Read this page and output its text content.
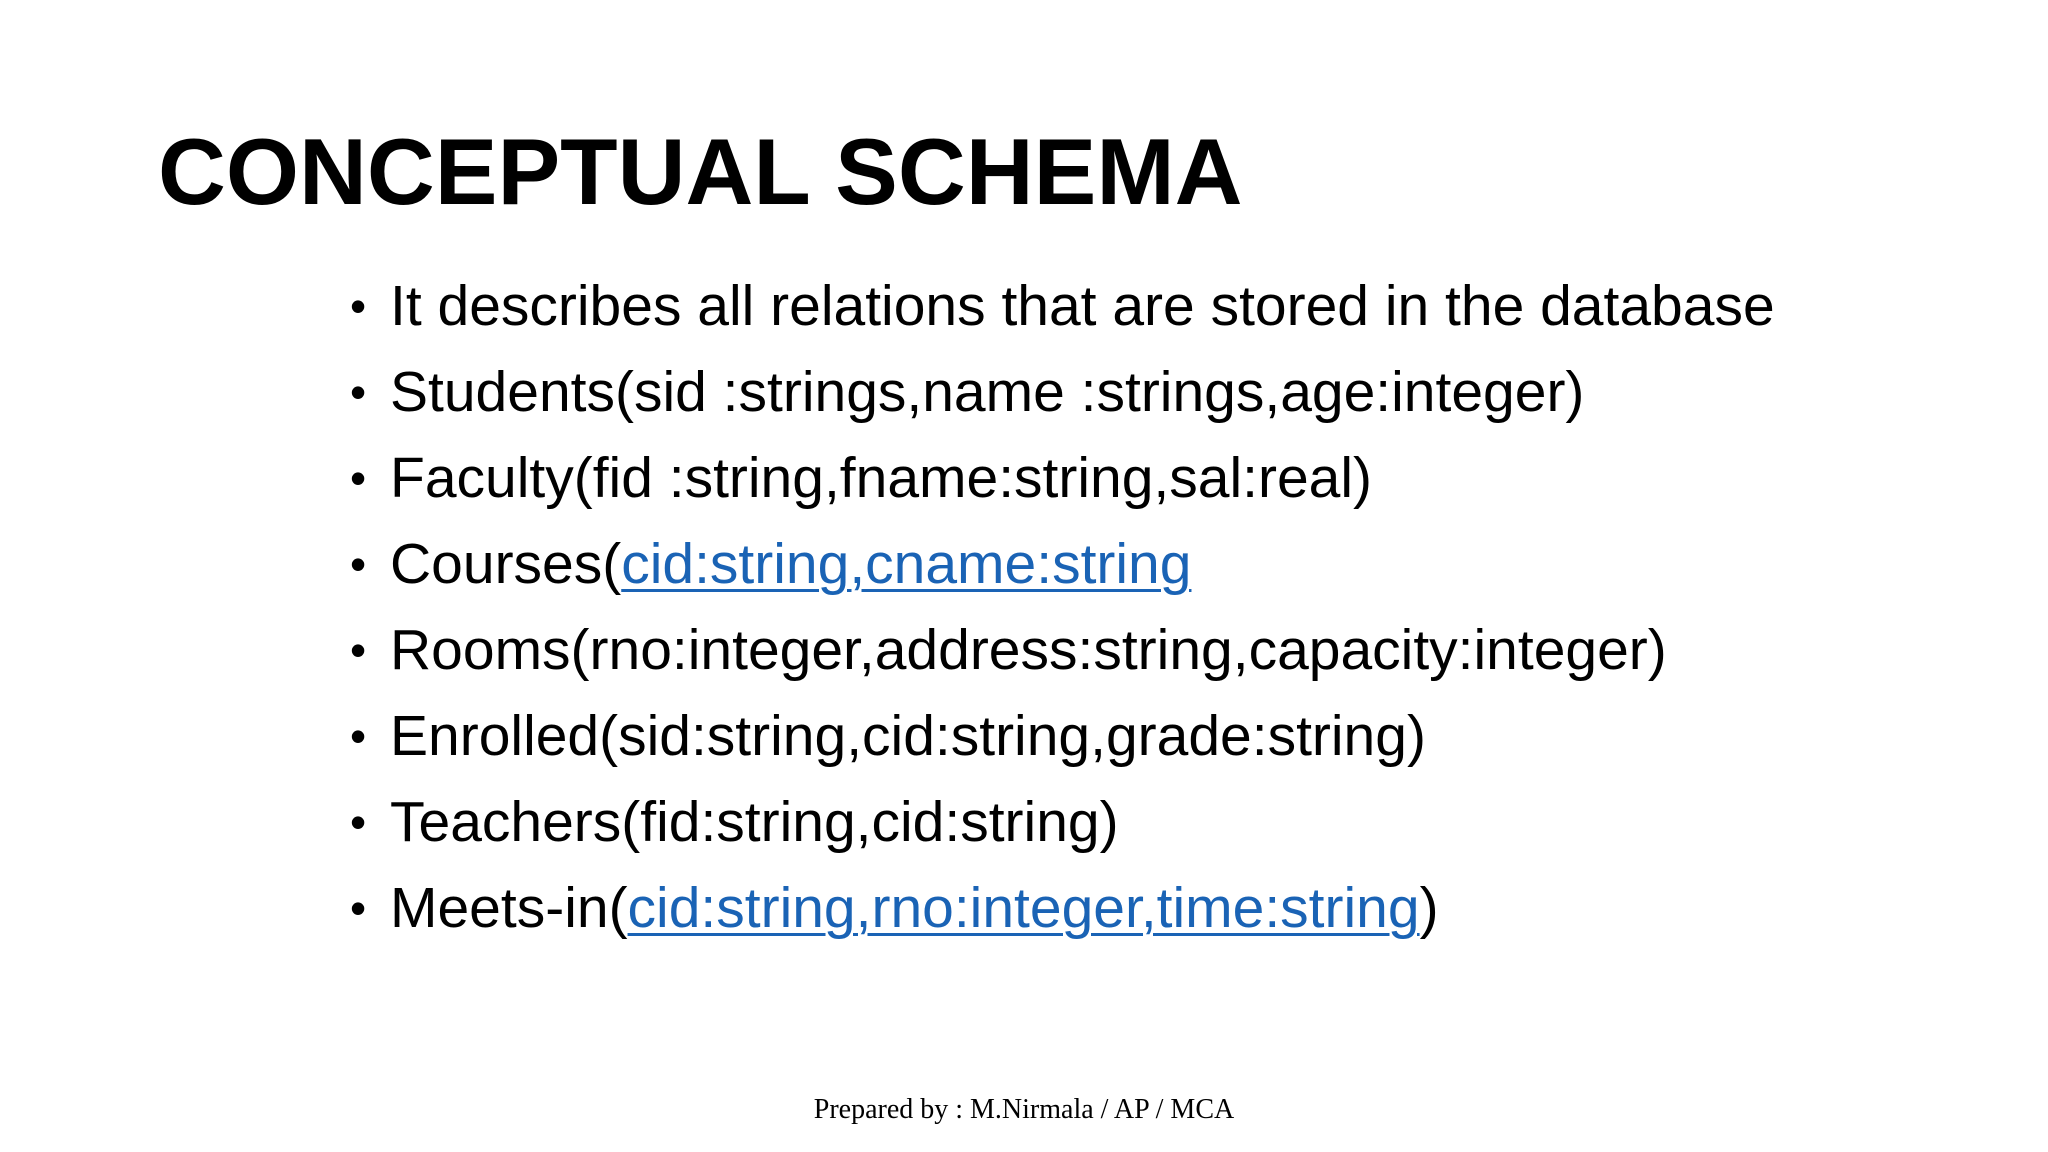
CONCEPTUAL SCHEMA
• It describes all relations that are stored in the database
• Students(sid :strings,name :strings,age:integer)
• Faculty(fid :string,fname:string,sal:real)
• Courses(cid:string,cname:string
• Rooms(rno:integer,address:string,capacity:integer)
• Enrolled(sid:string,cid:string,grade:string)
• Teachers(fid:string,cid:string)
• Meets-in(cid:string,rno:integer,time:string)
Prepared by : M.Nirmala / AP / MCA
